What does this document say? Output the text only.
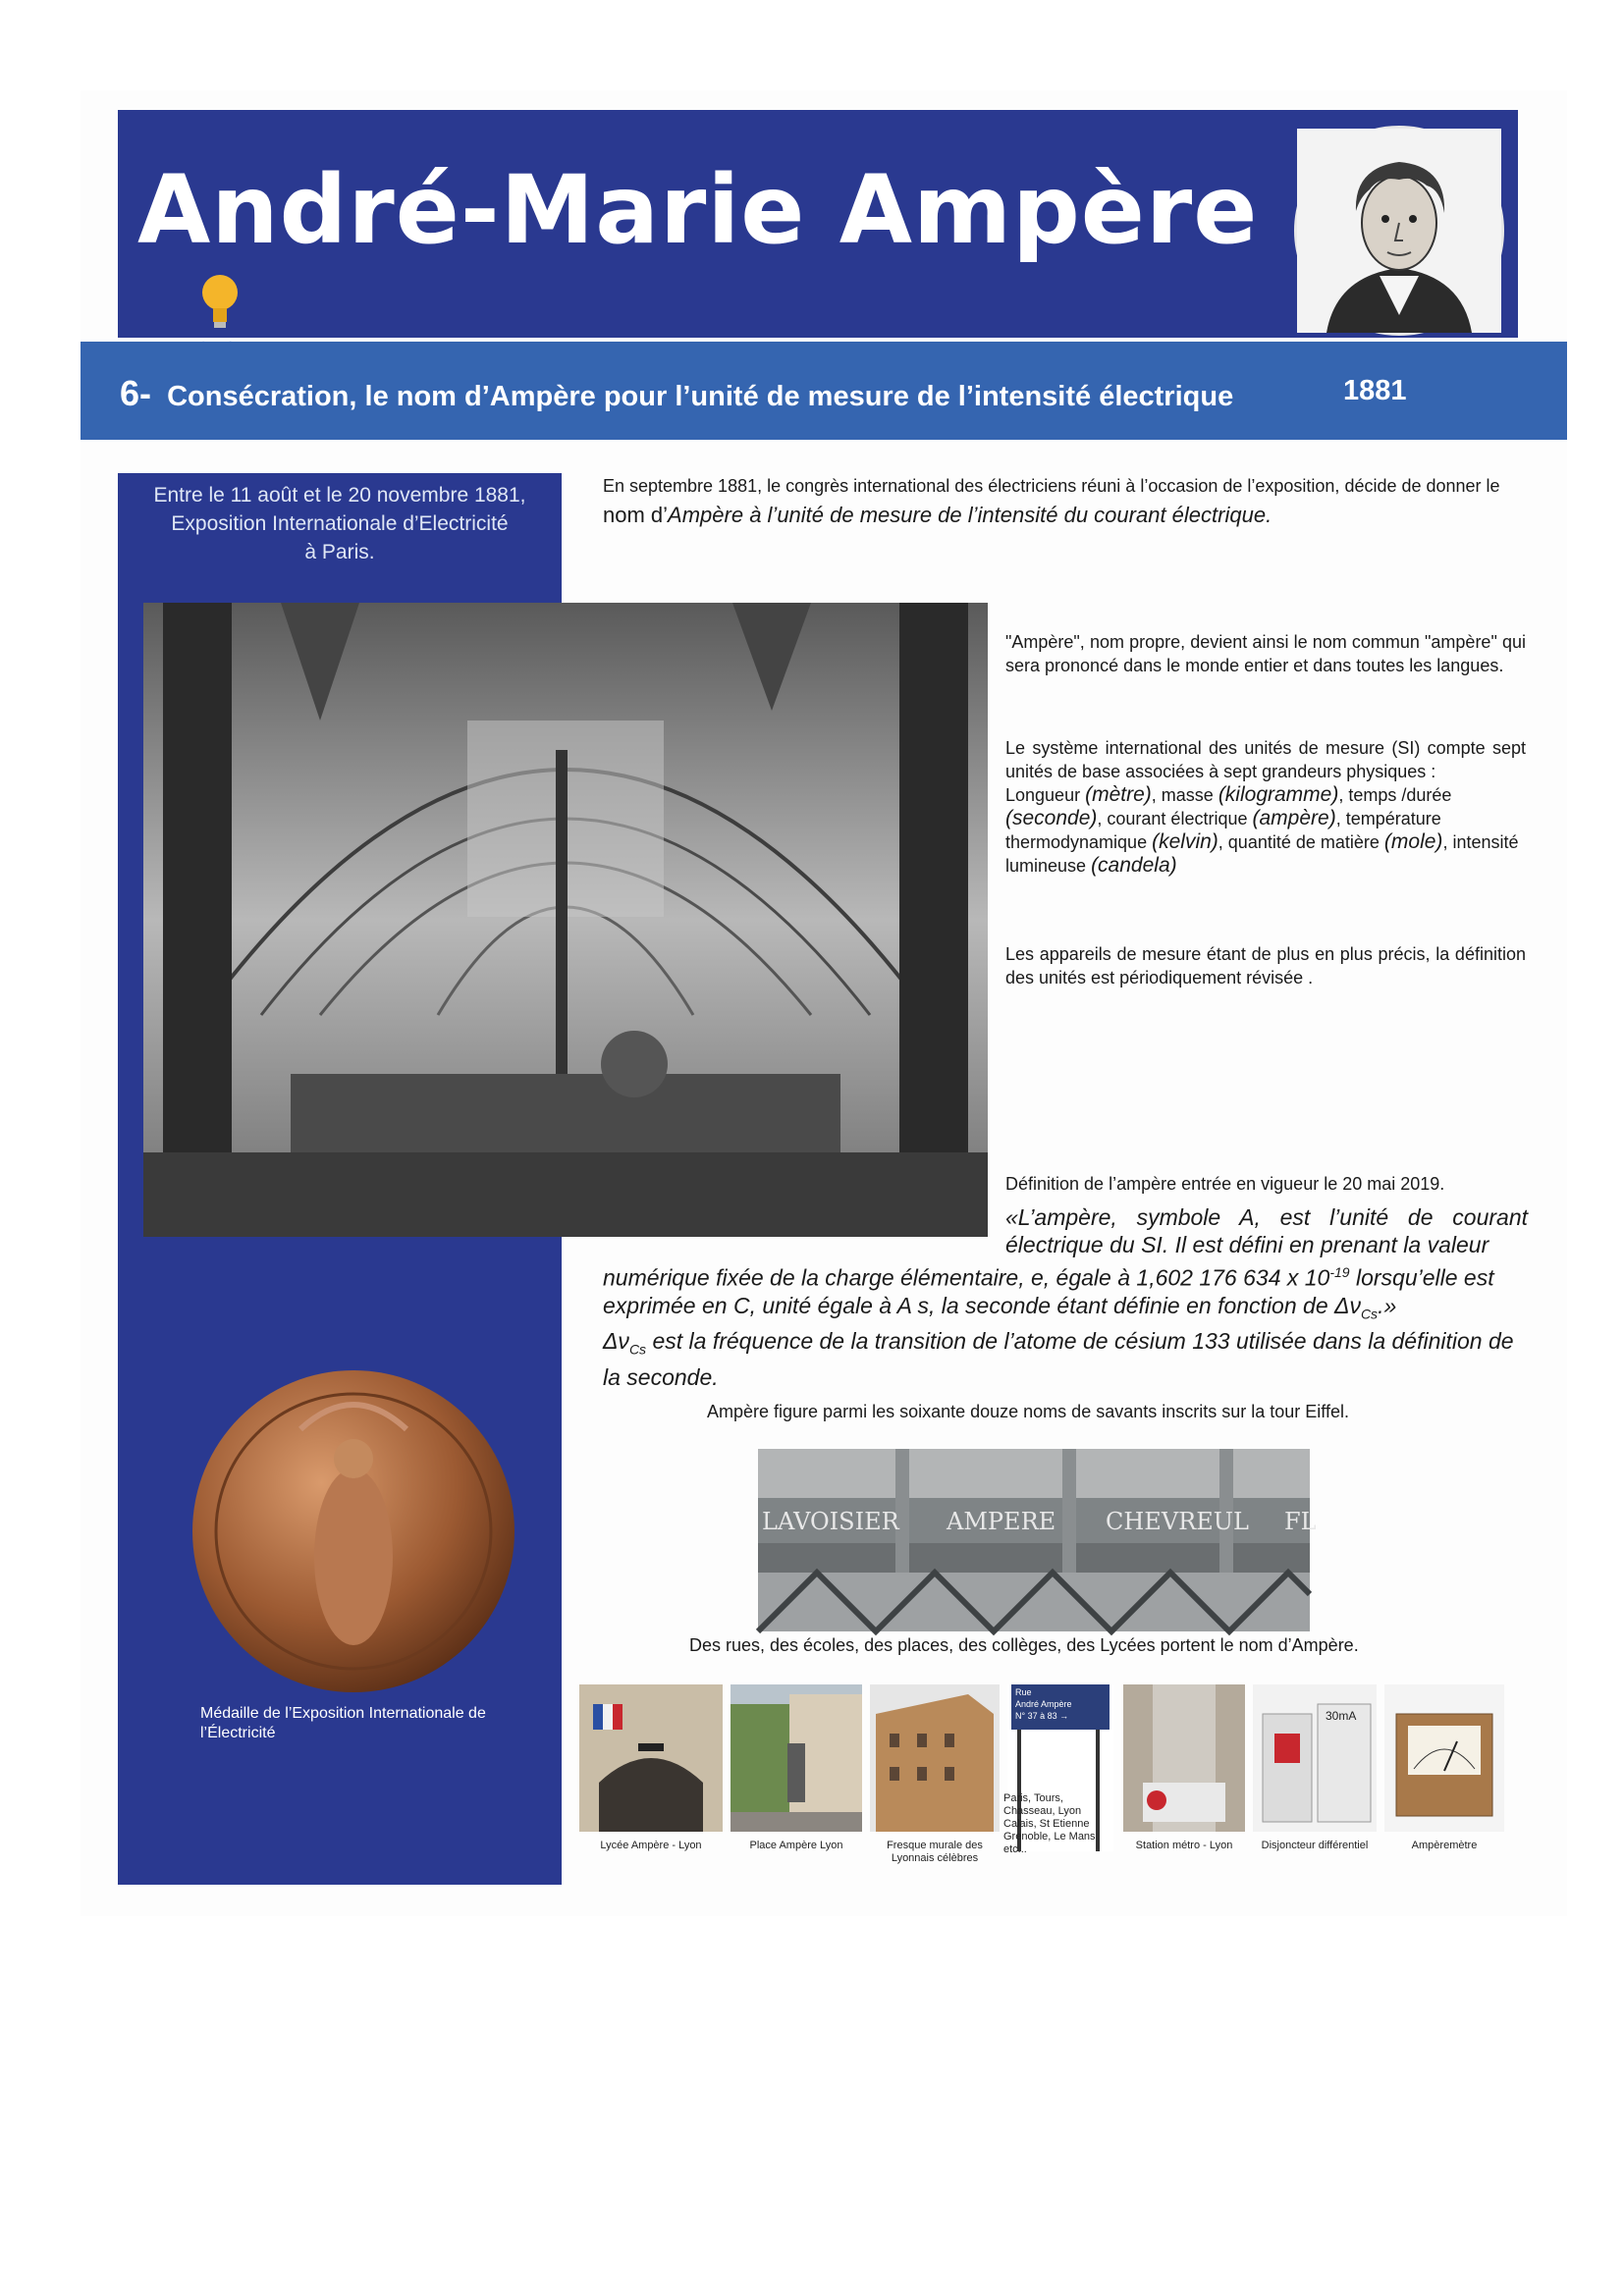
André-Marie Ampère
6- Consécration, le nom d’Ampère pour l’unité de mesure de l’intensité électrique	1881
Entre le 11 août et le 20 novembre 1881,
Exposition Internationale d’Electricité
à Paris.
Médaille de l’Exposition Internationale de l’Électricité
En septembre 1881, le congrès international des électriciens réuni à l’occasion de l’exposition, décide de donner le nom d’Ampère à l’unité de mesure de l’intensité du courant électrique.
"Ampère", nom propre, devient ainsi le nom commun "ampère" qui sera prononcé dans le monde entier et dans toutes les langues.
Le système international des unités de mesure (SI) compte sept unités de base associées à sept grandeurs physiques :
Longueur (mètre), masse (kilogramme), temps /durée (seconde), courant électrique (ampère), température thermodynamique (kelvin), quantité de matière (mole), intensité lumineuse (candela)
Les appareils de mesure étant de plus en plus précis, la définition des unités est périodiquement révisée .
Définition de l’ampère entrée en vigueur le 20 mai 2019.
«L’ampère, symbole A, est l’unité de courant électrique du SI. Il est défini en prenant la valeur
numérique fixée de la charge élémentaire, e, égale à 1,602 176 634 x $10^{-19}$ lorsqu’elle est exprimée en C, unité égale à A s, la seconde étant définie en fonction de $\Delta\nu_{Cs}$.»
$\Delta\nu_{Cs}$ est la fréquence de la transition de l’atome de césium 133 utilisée dans la définition de la seconde.
Ampère figure parmi les soixante douze noms de savants inscrits sur la tour Eiffel.
LAVOISIER AMPERE CHEVREUL FL
Des rues, des écoles, des places, des collèges, des Lycées portent le nom d’Ampère.
Lycée Ampère - Lyon	Place Ampère Lyon	Fresque murale des Lyonnais célèbres
Rue
André Ampère
N° 37 à 83 →
Paris, Tours, Chasseau, Lyon Calais, St Etienne Grenoble, Le Mans etc...	Station métro - Lyon
30mA
Disjoncteur différentiel	Ampèremètre
